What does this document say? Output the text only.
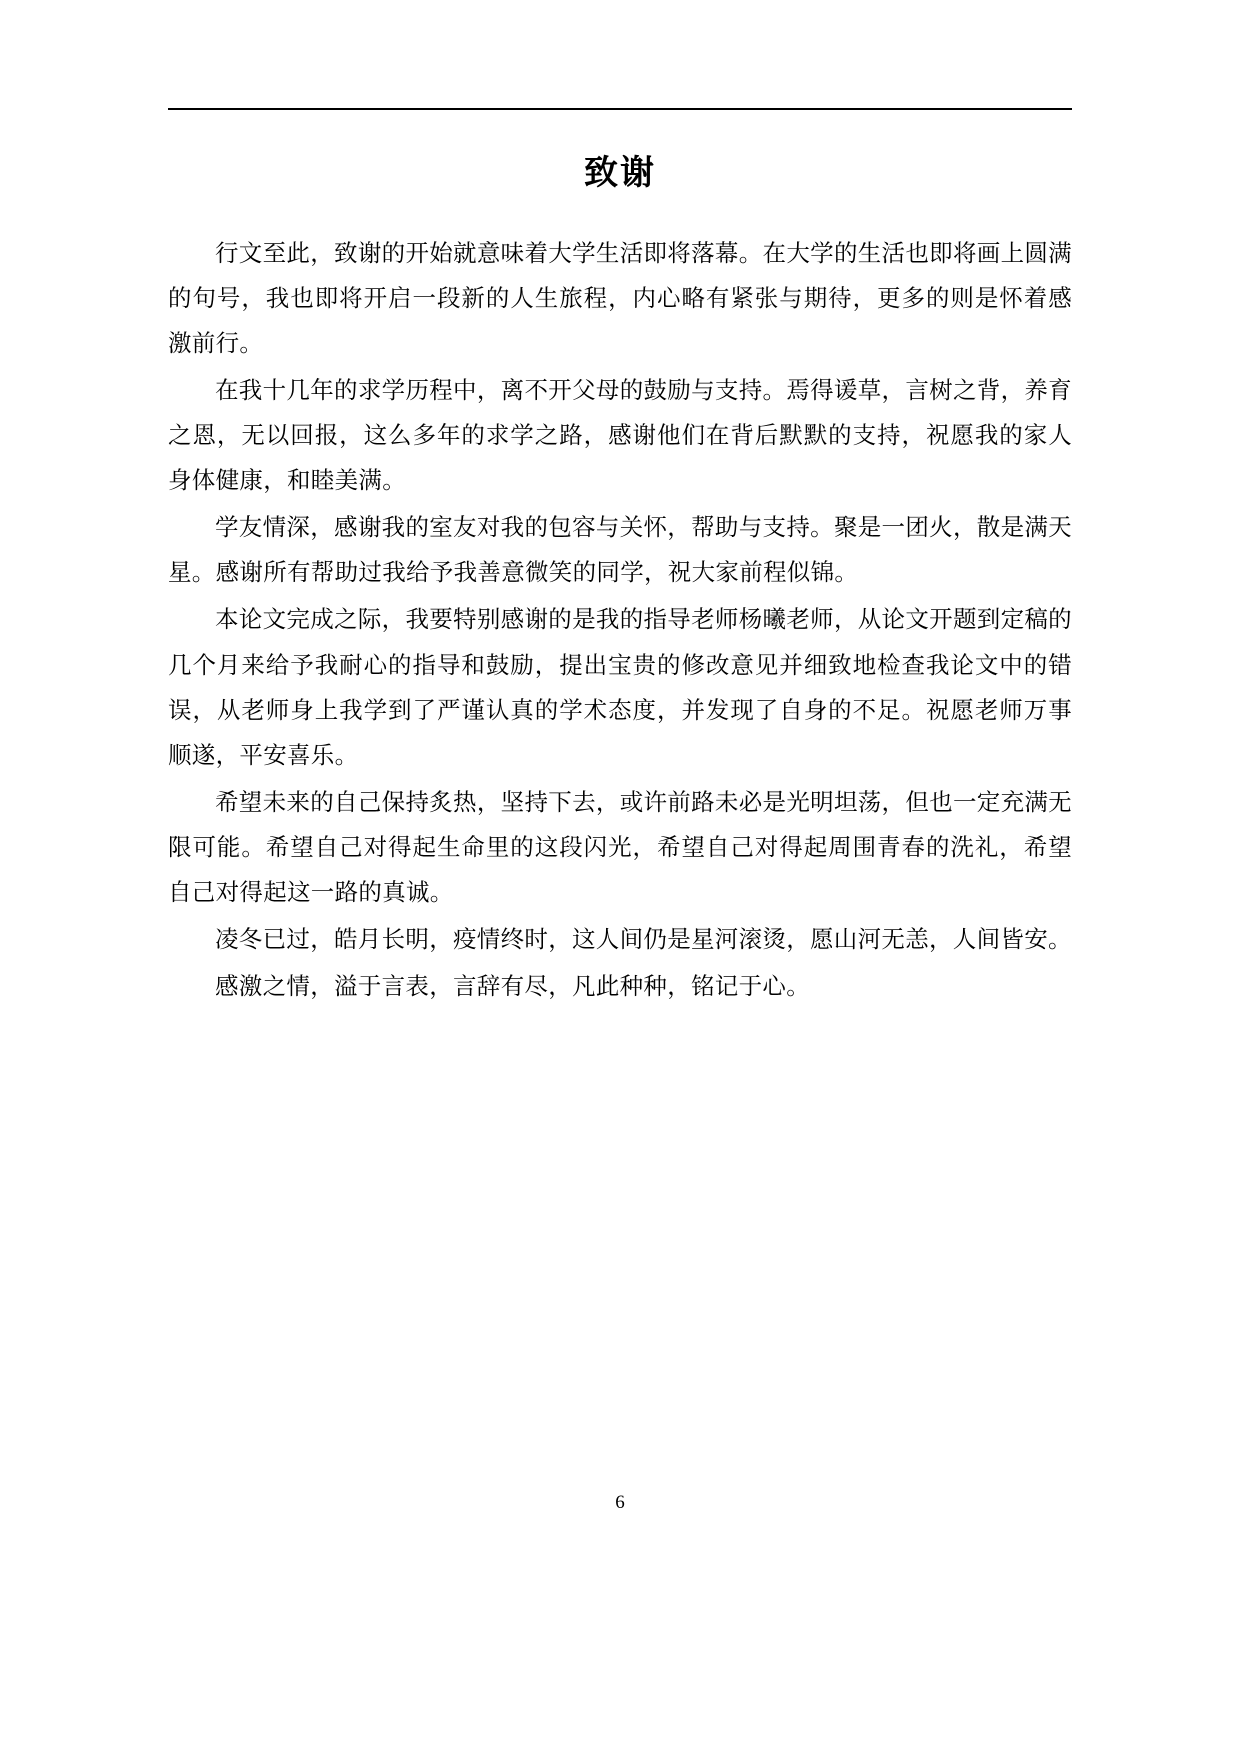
致谢

行文至此，致谢的开始就意味着大学生活即将落幕。在大学的生活也即将画上圆满的句号，我也即将开启一段新的人生旅程，内心略有紧张与期待，更多的则是怀着感激前行。

在我十几年的求学历程中，离不开父母的鼓励与支持。焉得谖草，言树之背，养育之恩，无以回报，这么多年的求学之路，感谢他们在背后默默的支持，祝愿我的家人身体健康，和睦美满。

学友情深，感谢我的室友对我的包容与关怀，帮助与支持。聚是一团火，散是满天星。感谢所有帮助过我给予我善意微笑的同学，祝大家前程似锦。

本论文完成之际，我要特别感谢的是我的指导老师杨曦老师，从论文开题到定稿的几个月来给予我耐心的指导和鼓励，提出宝贵的修改意见并细致地检查我论文中的错误，从老师身上我学到了严谨认真的学术态度，并发现了自身的不足。祝愿老师万事顺遂，平安喜乐。

希望未来的自己保持炙热，坚持下去，或许前路未必是光明坦荡，但也一定充满无限可能。希望自己对得起生命里的这段闪光，希望自己对得起周围青春的洗礼，希望自己对得起这一路的真诚。

凌冬已过，皓月长明，疫情终时，这人间仍是星河滚烫，愿山河无恙，人间皆安。

感激之情，溢于言表，言辞有尽，凡此种种，铭记于心。

6
